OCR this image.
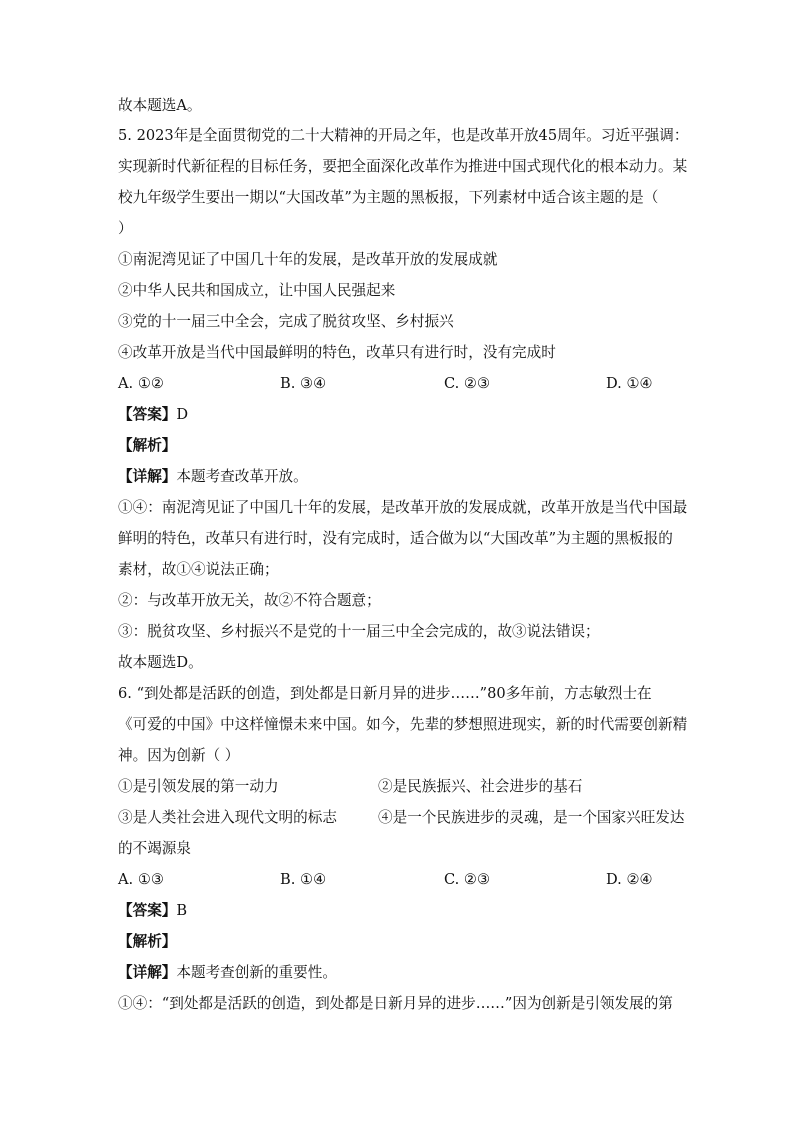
故本题选A。
5. 2023年是全面贯彻党的二十大精神的开局之年，也是改革开放45周年。习近平强调：
实现新时代新征程的目标任务，要把全面深化改革作为推进中国式现代化的根本动力。某
校九年级学生要出一期以“大国改革”为主题的黑板报，下列素材中适合该主题的是（
）
①南泥湾见证了中国几十年的发展，是改革开放的发展成就
②中华人民共和国成立，让中国人民强起来
③党的十一届三中全会，完成了脱贫攻坚、乡村振兴
④改革开放是当代中国最鲜明的特色，改革只有进行时，没有完成时
A. ①②	B. ③④	C. ②③	D. ①④
【答案】D
【解析】
【详解】本题考查改革开放。
①④：南泥湾见证了中国几十年的发展，是改革开放的发展成就，改革开放是当代中国最
鲜明的特色，改革只有进行时，没有完成时，适合做为以“大国改革”为主题的黑板报的
素材，故①④说法正确；
②：与改革开放无关，故②不符合题意；
③：脱贫攻坚、乡村振兴不是党的十一届三中全会完成的，故③说法错误；
故本题选D。
6. “到处都是活跃的创造，到处都是日新月异的进步……”80多年前，方志敏烈士在
《可爱的中国》中这样憧憬未来中国。如今，先辈的梦想照进现实，新的时代需要创新精
神。因为创新（ ）
①是引领发展的第一动力	②是民族振兴、社会进步的基石
③是人类社会进入现代文明的标志	④是一个民族进步的灵魂，是一个国家兴旺发达
的不竭源泉
A. ①③	B. ①④	C. ②③	D. ②④
【答案】B
【解析】
【详解】本题考查创新的重要性。
①④：“到处都是活跃的创造，到处都是日新月异的进步……”因为创新是引领发展的第
